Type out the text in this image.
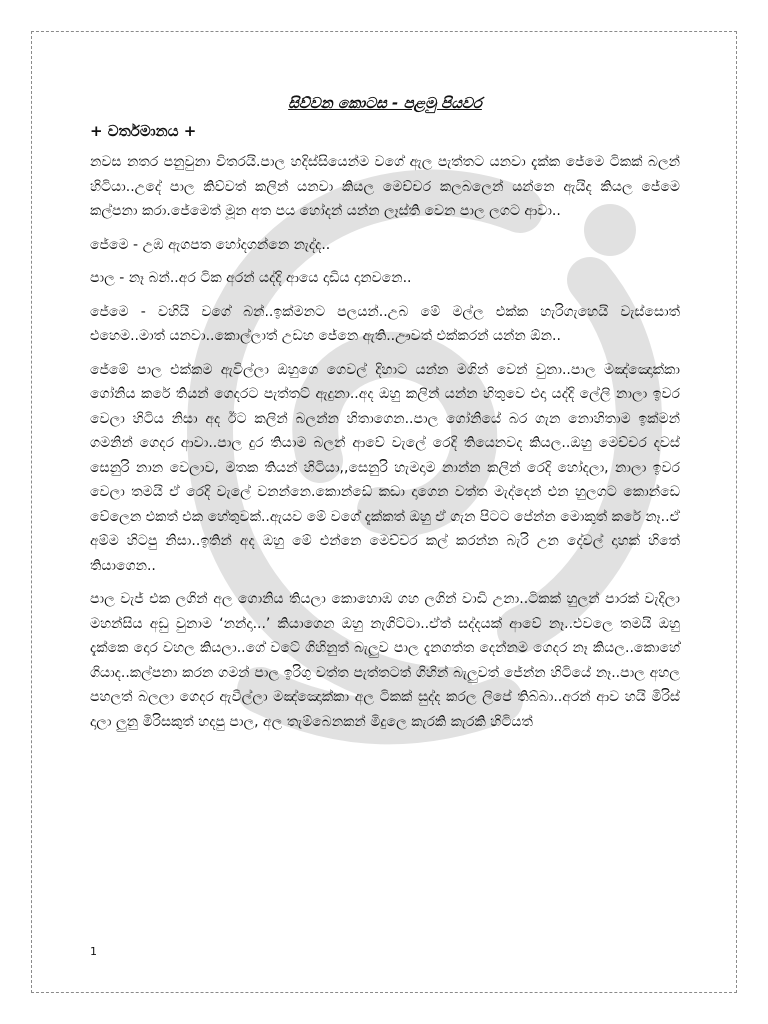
සිව්වන කොටස - පළමු පියවර
+ වර්තමානය +

නවස නතර පනුවුනා විතරයි.පාල හදිස්සියෙන්ම වගේ ඇල පැත්තට යනවා දැක්ක ජේමෙ ටිකක් බලන් හිටියා..උදේ පාල කිව්වත් කලින් යනවා කියල මෙච්චර කලබලෙන් යන්නෙ ඇයිද කියල ජේමෙ කල්පනා කරා.ජේමෙත් මූන අත පය හෝදන් යන්න ලෑස්ති වෙන පාල ලගට ආවා..

ජේමෙ - උඹ ඇගපත හෝදගන්නෙ නැද්ද..

පාල - නෑ බන්..අර ටික අරන් යද්දි ආයෙ දාඩිය දානවනෙ..

ජේමෙ - වහියි වගේ බන්..ඉක්මනට පලයන්..උබ මේ මල්ල එක්ක හැරිගැහෙයි වැස්සොත් එහෙම..මාත් යනවා..කොල්ලාත් උඩහ ජේනෙ ඇති..ඌවත් එක්කරන් යන්න ඕන..

ජේමේ පාල එක්කම ඇවිල්ලා ඔහුගෙ ගෙවල් දිහාට යන්න මගින් වෙන් වුනා..පාල මඤ්ඤොක්කා ගෝනිය කරේ තියන් ගෙදරට පැත්තට් ඇදුනා..අද ඔහු කලින් යන්න හිතුවෙ එදා යද්දි ලේලි නාලා ඉවර වෙලා හිටිය නිසා අද ඊට කලින් බලන්න හිතාගෙන..පාල ගෝනියේ බර ගැන නොහිතාම ඉක්මන් ගමනින් ගෙදර ආවා..පාල දුර තියාම බලන් ආවේ වැලේ රෙදි තියෙනවද කියල..ඔහු මෙච්චර දවස් සෙනුරි නාන වෙලාව, මතක තියන් හිටියා,,සෙනුරි හැමදාම නාන්න කලින් රෙදි හෝදලා, නාලා ඉවර වෙලා තමයි ඒ රෙදි වැලේ වනන්නෙ.කොන්ඩේ කඩා දාගෙන වත්ත මැද්දෙන් එන හුලගට කොන්ඩෙ වේලෙන එකත් එක හේතුවක්..ඇයව මේ වගේ දැක්කත් ඔහු ඒ ගැන පිටට පේන්න මොකුත් කරේ නෑ..ඒ අම්ම හිටපු නිසා..ඉතින් අද ඔහු මේ එන්නෙ මෙච්චර කල් කරන්න බැරි උන දේවල් දාහක් හිතේ තියාගෙන..

පාල වැජ් එක ලගින් අල ගොනිය තියලා කොහොඹ ගහ ලගින් වාඩි උනා..ටිකක් හුලන් පාරක් වැදිලා මහන්සිය අඩු වුනාම ‘නන්දා...’ කියාගෙන ඔහු නැගිට්ටා..ඒත් සද්දයක් ආවේ නෑ..එවලෙ තමයි ඔහු දැක්කෙ දොර වහල කියලා..ගේ වටේ ගිහිනුත් බැලුව පාල දැනගත්ත දෙන්නම ගෙදර නෑ කියල..කොහේ ගියාද..කල්පනා කරන ගමන් පාල ඉරිගු වත්ත පැත්තටත් ගිහින් බැලුවත් ජේන්න හිටියේ නෑ..පාල අහල පහලත් බලලා ගෙදර ඇවිල්ලා මඤ්ඤොක්කා අල ටිකක් සුද්ද කරල ලිපේ තිබ්බා..අරන් ආව හයි මිරිස් දාලා ලුනු මිරිසකුත් හදපු පාල, අල තැම්බෙනකන් මිදුලෙ කැරකි කැරකි හිටියත්

1
